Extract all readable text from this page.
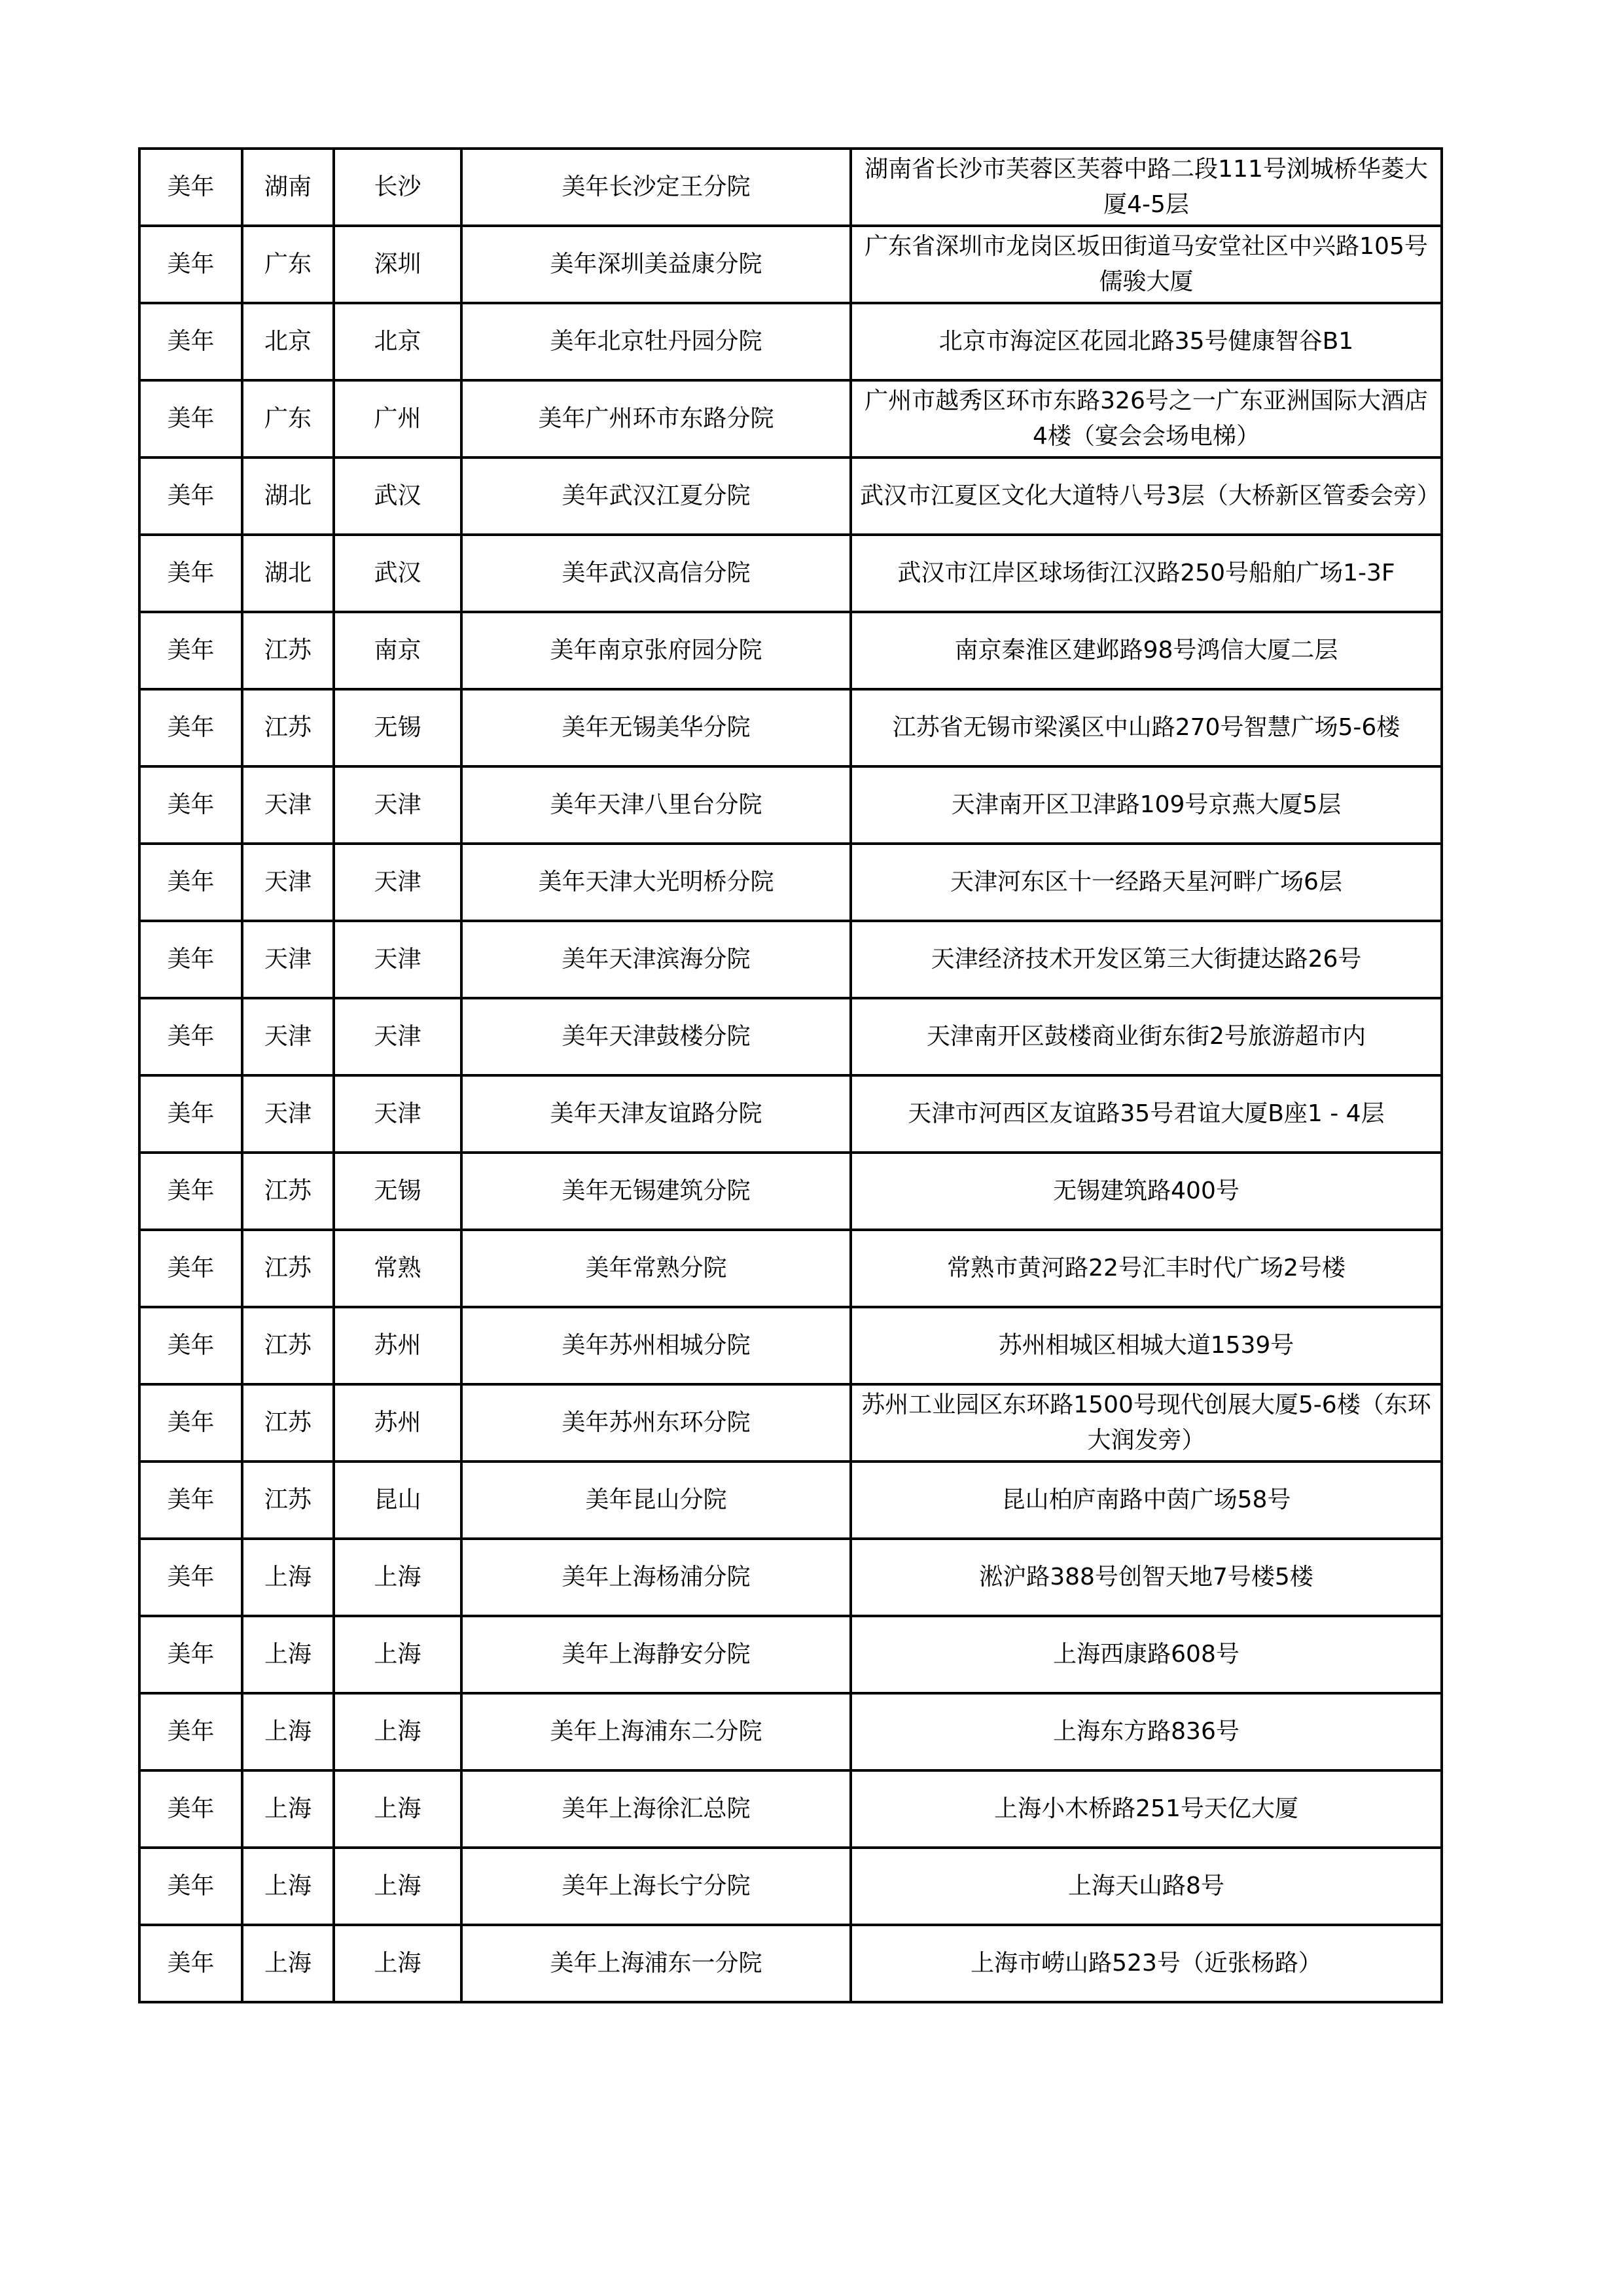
美年	湖南	长沙	美年长沙定王分院	湖南省长沙市芙蓉区芙蓉中路二段111号浏城桥华菱大厦4-5层
美年	广东	深圳	美年深圳美益康分院	广东省深圳市龙岗区坂田街道马安堂社区中兴路105号儒骏大厦
美年	北京	北京	美年北京牡丹园分院	北京市海淀区花园北路35号健康智谷B1
美年	广东	广州	美年广州环市东路分院	广州市越秀区环市东路326号之一广东亚洲国际大酒店4楼（宴会会场电梯）
美年	湖北	武汉	美年武汉江夏分院	武汉市江夏区文化大道特八号3层（大桥新区管委会旁）
美年	湖北	武汉	美年武汉高信分院	武汉市江岸区球场街江汉路250号船舶广场1-3F
美年	江苏	南京	美年南京张府园分院	南京秦淮区建邺路98号鸿信大厦二层
美年	江苏	无锡	美年无锡美华分院	江苏省无锡市梁溪区中山路270号智慧广场5-6楼
美年	天津	天津	美年天津八里台分院	天津南开区卫津路109号京燕大厦5层
美年	天津	天津	美年天津大光明桥分院	天津河东区十一经路天星河畔广场6层
美年	天津	天津	美年天津滨海分院	天津经济技术开发区第三大街捷达路26号
美年	天津	天津	美年天津鼓楼分院	天津南开区鼓楼商业街东街2号旅游超市内
美年	天津	天津	美年天津友谊路分院	天津市河西区友谊路35号君谊大厦B座1 - 4层
美年	江苏	无锡	美年无锡建筑分院	无锡建筑路400号
美年	江苏	常熟	美年常熟分院	常熟市黄河路22号汇丰时代广场2号楼
美年	江苏	苏州	美年苏州相城分院	苏州相城区相城大道1539号
美年	江苏	苏州	美年苏州东环分院	苏州工业园区东环路1500号现代创展大厦5-6楼（东环大润发旁）
美年	江苏	昆山	美年昆山分院	昆山柏庐南路中茵广场58号
美年	上海	上海	美年上海杨浦分院	淞沪路388号创智天地7号楼5楼
美年	上海	上海	美年上海静安分院	上海西康路608号
美年	上海	上海	美年上海浦东二分院	上海东方路836号
美年	上海	上海	美年上海徐汇总院	上海小木桥路251号天亿大厦
美年	上海	上海	美年上海长宁分院	上海天山路8号
美年	上海	上海	美年上海浦东一分院	上海市崂山路523号（近张杨路）
